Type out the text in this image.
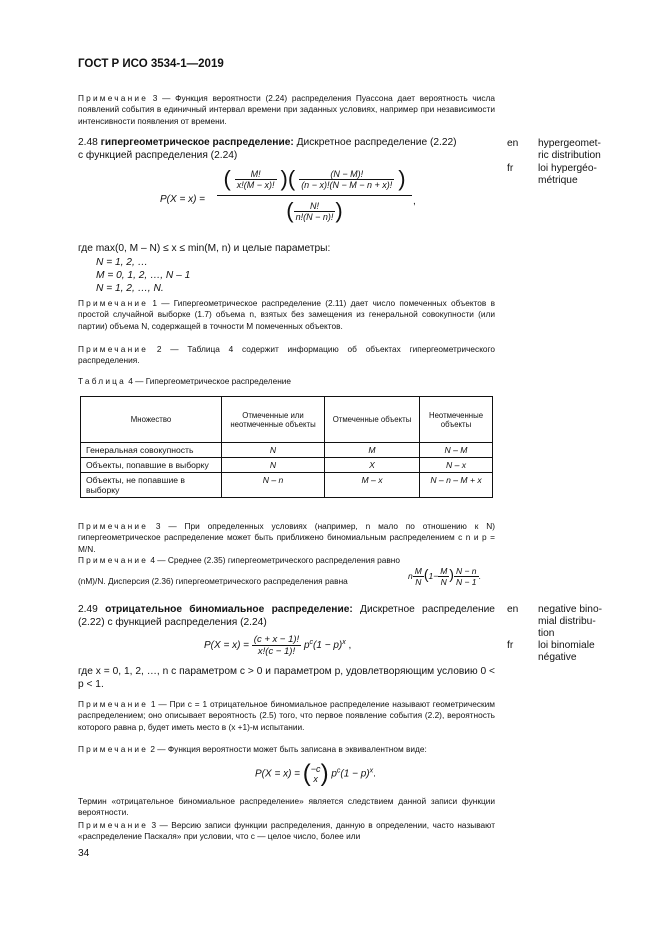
ГОСТ Р ИСО 3534-1—2019
Примечание 3 — Функция вероятности (2.24) распределения Пуассона дает вероятность числа появлений события в единичный интервал времени при заданных условиях, например при независимости интенсивности появления от времени.
2.48 гипергеометрическое распределение: Дискретное распределение (2.22)
с функцией распределения (2.24)
en hypergeomet-
ric distribution
fr loi hypergéo-
métrique
P(X = x) =
( $\frac{M!}{x!(M - x)!}$ )( $\frac{(N - M)!}{(n - x)!(N - M - n + x)!}$ )
( $\frac{N!}{n!(N - n)!}$ )	,
где max(0, M – N) ≤ x ≤ min(M, n) и целые параметры:
N = 1, 2, …
M = 0, 1, 2, …, N – 1
N = 1, 2, …, N.
Примечание 1 — Гипергеометрическое распределение (2.11) дает число помеченных объектов в простой случайной выборке (1.7) объема n, взятых без замещения из генеральной совокупности (или партии) объема N, содержащей в точности M помеченных объектов.
Примечание 2 — Таблица 4 содержит информацию об объектах гипергеометрического распределения.
Таблица 4 — Гипергеометрическое распределение
Множество	Отмеченные или неотмеченные объекты	Отмеченные объекты	Неотмеченные объекты
Генеральная совокупность	N	M	N – M
Объекты, попавшие в выборку	N	X	N – x
Объекты, не попавшие в выборку	N – n	M – x	N – n – M + x
Примечание 3 — При определенных условиях (например, n мало по отношению к N) гипергеометрическое распределение может быть приближено биномиальным распределением с n и p = M/N.
Примечание 4 — Среднее (2.35) гипергеометрического распределения равно
(nM)/N. Дисперсия (2.36) гипергеометрического распределения равна	n $\frac{M}{N} (1- \frac{M}{N}$ ) $\frac{N - n}{N - 1}$ .
2.49 отрицательное биномиальное распределение: Дискретное распределение (2.22) с функцией распределения (2.24)
en negative bino-
mial distribu-
tion
fr loi binomiale
négative
$P(X = x) = \frac{(c + x - 1)!}{x!(c - 1)!} p^c(1 - p)^x$ ,
где x = 0, 1, 2, …, n с параметром c > 0 и параметром p, удовлетворяющим условию 0 < p < 1.
Примечание 1 — При c = 1 отрицательное биномиальное распределение называют геометрическим распределением; оно описывает вероятность (2.5) того, что первое появление события (2.2), вероятность которого равна p, будет иметь место в (x +1)-м испытании.
Примечание 2 — Функция вероятности может быть записана в эквивалентном виде:
P(X = x) = ( −c
x ) $p^c(1 - p)^x$.
Термин «отрицательное биномиальное распределение» является следствием данной записи функции вероятности.
Примечание 3 — Версию записи функции распределения, данную в определении, часто называют «распределение Паскаля» при условии, что c — целое число, более или
34
